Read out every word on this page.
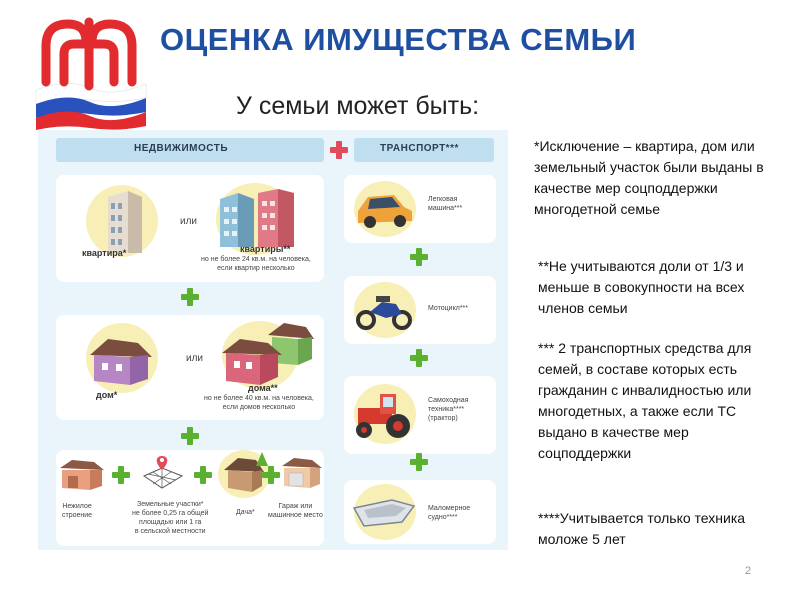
ОЦЕНКА ИМУЩЕСТВА СЕМЬИ
У семьи может быть:
НЕДВИЖИМОСТЬ	ТРАНСПОРТ***
квартира*
или
квартиры**
но не более 24 кв.м. на человека,
если квартир несколько
дом*
или
дома**
но не более 40 кв.м. на человека,
если домов несколько
Нежилое
строение
Земельные участки*
не более 0,25 га общей
площадью или 1 га
в сельской местности
Дача*
Гараж или
машинное место
Легковая
машина***
Мотоцикл***
Самоходная
техника****
(трактор)
Маломерное
судно****
*Исключение – квартира, дом или земельный участок были выданы в качестве мер соцподдержки многодетной семье
**Не учитываются доли от 1/3 и меньше в совокупности на всех членов семьи
*** 2 транспортных средства для семей, в составе которых есть гражданин с инвалидностью или многодетных, а также если ТС выдано в качестве мер соцподдержки
****Учитывается только техника моложе 5 лет
2
